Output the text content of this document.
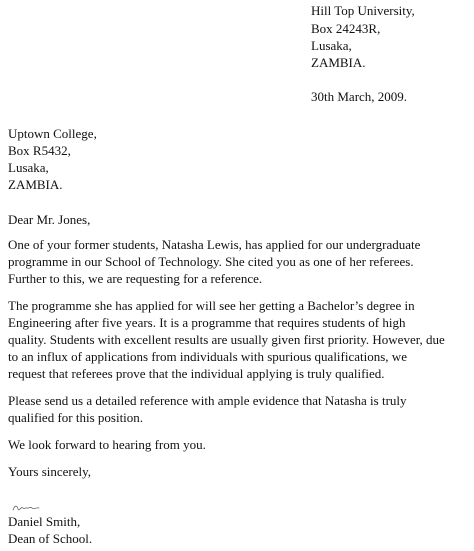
Hill Top University,
Box 24243R,
Lusaka,
ZAMBIA.
30th March, 2009.
Uptown College,
Box R5432,
Lusaka,
ZAMBIA.
Dear Mr. Jones,
One of your former students, Natasha Lewis, has applied for our undergraduate
programme in our School of Technology. She cited you as one of her referees.
Further to this, we are requesting for a reference.
The programme she has applied for will see her getting a Bachelor’s degree in
Engineering after five years. It is a programme that requires students of high
quality. Students with excellent results are usually given first priority. However, due
to an influx of applications from individuals with spurious qualifications, we
request that referees prove that the individual applying is truly qualified.
Please send us a detailed reference with ample evidence that Natasha is truly
qualified for this position.
We look forward to hearing from you.
Yours sincerely,
Daniel Smith,
Dean of School.
